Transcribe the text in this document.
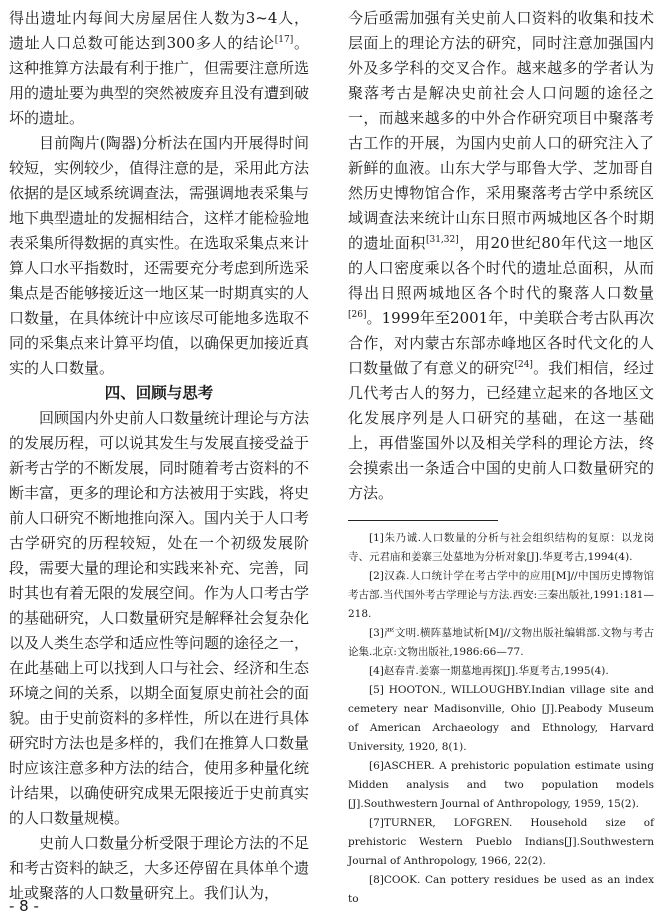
得出遗址内每间大房屋居住人数为3~4人，遗址人口总数可能达到300多人的结论[17]。这种推算方法最有利于推广，但需要注意所选用的遗址要为典型的突然被废弃且没有遭到破坏的遗址。

目前陶片(陶器)分析法在国内开展得时间较短，实例较少，值得注意的是，采用此方法依据的是区域系统调查法，需强调地表采集与地下典型遗址的发掘相结合，这样才能检验地表采集所得数据的真实性。在选取采集点来计算人口水平指数时，还需要充分考虑到所选采集点是否能够接近这一地区某一时期真实的人口数量，在具体统计中应该尽可能地多选取不同的采集点来计算平均值，以确保更加接近真实的人口数量。

四、回顾与思考

回顾国内外史前人口数量统计理论与方法的发展历程，可以说其发生与发展直接受益于新考古学的不断发展，同时随着考古资料的不断丰富，更多的理论和方法被用于实践，将史前人口研究不断地推向深入。国内关于人口考古学研究的历程较短，处在一个初级发展阶段，需要大量的理论和实践来补充、完善，同时其也有着无限的发展空间。作为人口考古学的基础研究，人口数量研究是解释社会复杂化以及人类生态学和适应性等问题的途径之一，在此基础上可以找到人口与社会、经济和生态环境之间的关系，以期全面复原史前社会的面貌。由于史前资料的多样性，所以在进行具体研究时方法也是多样的，我们在推算人口数量时应该注意多种方法的结合，使用多种量化统计结果，以确使研究成果无限接近于史前真实的人口数量规模。

史前人口数量分析受限于理论方法的不足和考古资料的缺乏，大多还停留在具体单个遗址或聚落的人口数量研究上。我们认为，

今后亟需加强有关史前人口资料的收集和技术层面上的理论方法的研究，同时注意加强国内外及多学科的交叉合作。越来越多的学者认为聚落考古是解决史前社会人口问题的途径之一，而越来越多的中外合作研究项目中聚落考古工作的开展，为国内史前人口的研究注入了新鲜的血液。山东大学与耶鲁大学、芝加哥自然历史博物馆合作，采用聚落考古学中系统区域调查法来统计山东日照市两城地区各个时期的遗址面积[31,32]，用20世纪80年代这一地区的人口密度乘以各个时代的遗址总面积，从而得出日照两城地区各个时代的聚落人口数量[26]。1999年至2001年，中美联合考古队再次合作，对内蒙古东部赤峰地区各时代文化的人口数量做了有意义的研究[24]。我们相信，经过几代考古人的努力，已经建立起来的各地区文化发展序列是人口研究的基础，在这一基础上，再借鉴国外以及相关学科的理论方法，终会摸索出一条适合中国的史前人口数量研究的方法。

[1]朱乃诚.人口数量的分析与社会组织结构的复原：以龙岗寺、元君庙和姜寨三处墓地为分析对象[J].华夏考古,1994(4).

[2]汉森.人口统计学在考古学中的应用[M]//中国历史博物馆考古部.当代国外考古学理论与方法.西安:三秦出版社,1991:181—218.

[3]严文明.横阵墓地试析[M]//文物出版社编辑部.文物与考古论集.北京:文物出版社,1986:66—77.

[4]赵春青.姜寨一期墓地再探[J].华夏考古,1995(4).

[5] HOOTON., WILLOUGHBY.Indian village site and cemetery near Madisonville, Ohio [J].Peabody Museum of American Archaeology and Ethnology, Harvard University, 1920, 8(1).

[6]ASCHER. A prehistoric population estimate using Midden analysis and two population models [J].Southwestern Journal of Anthropology, 1959, 15(2).

[7]TURNER, LOFGREN. Household size of prehistoric Western Pueblo Indians[J].Southwestern Journal of Anthropology, 1966, 22(2).

[8]COOK. Can pottery residues be used as an index to

- 8 -
